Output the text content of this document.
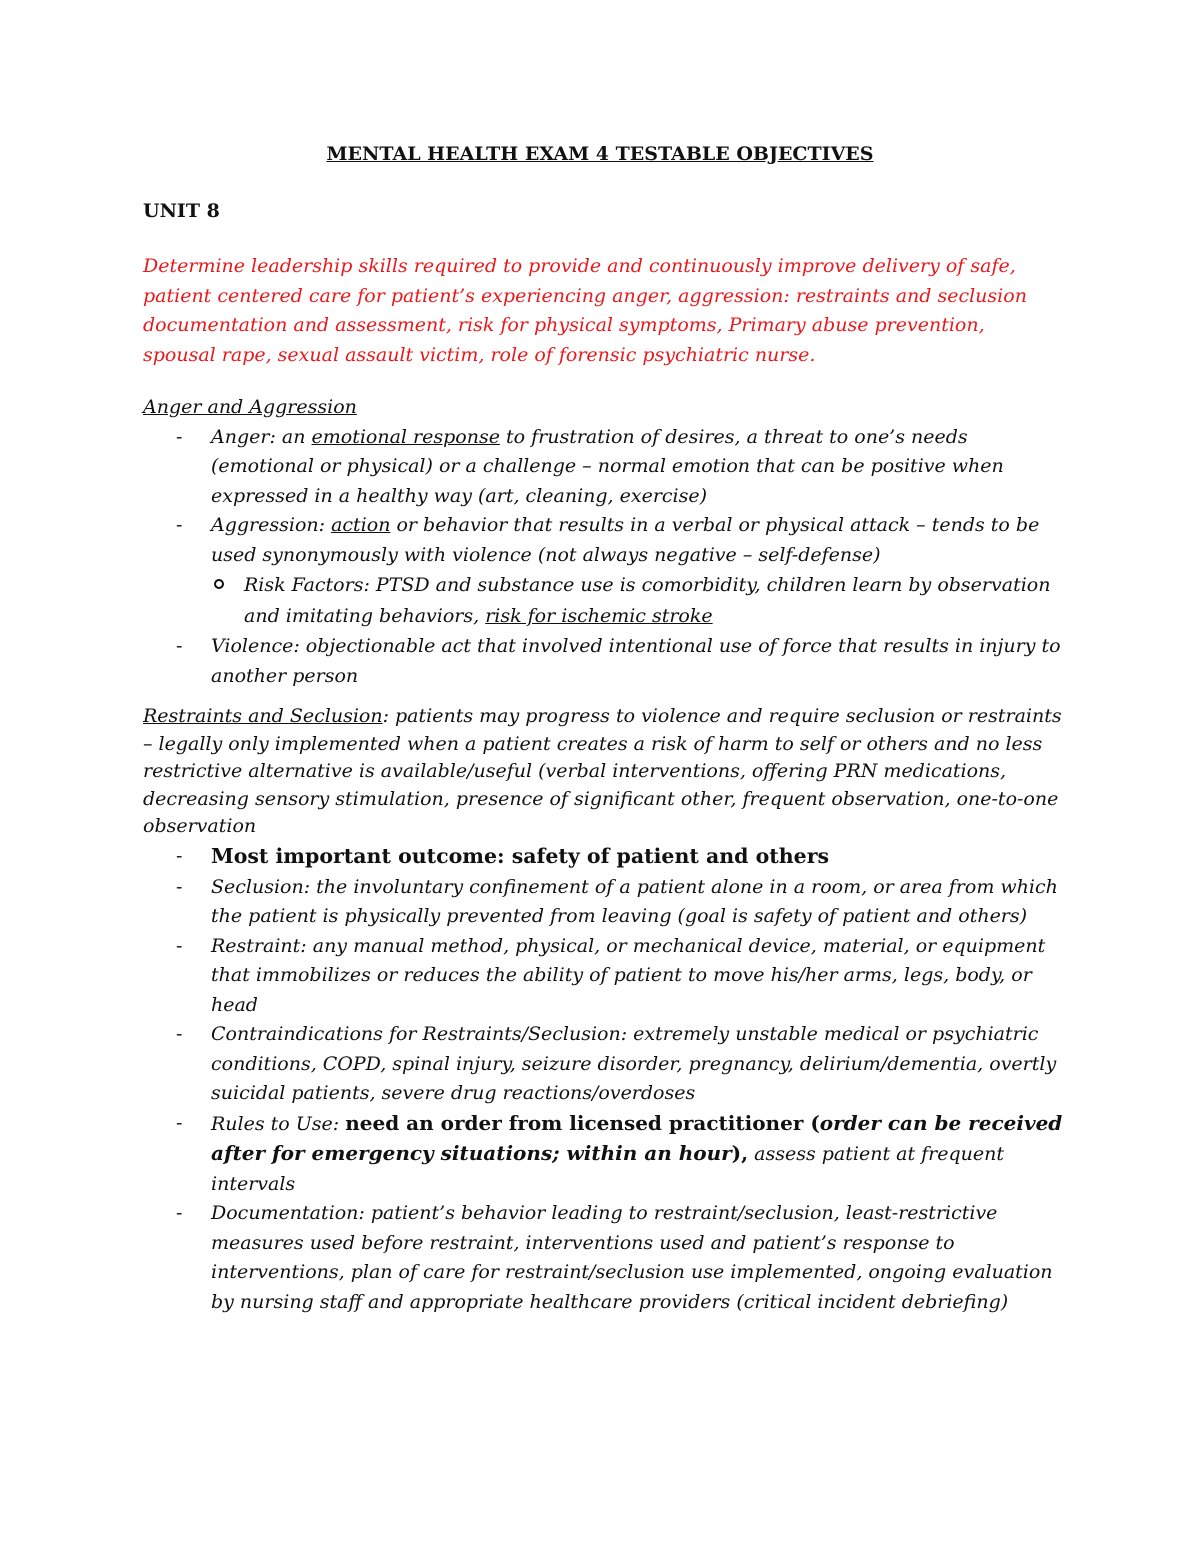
MENTAL HEALTH EXAM 4 TESTABLE OBJECTIVES
UNIT 8
Determine leadership skills required to provide and continuously improve delivery of safe, patient centered care for patient’s experiencing anger, aggression: restraints and seclusion documentation and assessment, risk for physical symptoms, Primary abuse prevention, spousal rape, sexual assault victim, role of forensic psychiatric nurse.
Anger and Aggression
- Anger: an emotional response to frustration of desires, a threat to one’s needs (emotional or physical) or a challenge – normal emotion that can be positive when expressed in a healthy way (art, cleaning, exercise)
- Aggression: action or behavior that results in a verbal or physical attack – tends to be used synonymously with violence (not always negative – self-defense)
Risk Factors: PTSD and substance use is comorbidity, children learn by observation and imitating behaviors, risk for ischemic stroke
- Violence: objectionable act that involved intentional use of force that results in injury to another person
Restraints and Seclusion: patients may progress to violence and require seclusion or restraints – legally only implemented when a patient creates a risk of harm to self or others and no less restrictive alternative is available/useful (verbal interventions, offering PRN medications, decreasing sensory stimulation, presence of significant other, frequent observation, one-to-one observation
- Most important outcome: safety of patient and others
- Seclusion: the involuntary confinement of a patient alone in a room, or area from which the patient is physically prevented from leaving (goal is safety of patient and others)
- Restraint: any manual method, physical, or mechanical device, material, or equipment that immobilizes or reduces the ability of patient to move his/her arms, legs, body, or head
- Contraindications for Restraints/Seclusion: extremely unstable medical or psychiatric conditions, COPD, spinal injury, seizure disorder, pregnancy, delirium/dementia, overtly suicidal patients, severe drug reactions/overdoses
- Rules to Use: need an order from licensed practitioner (order can be received after for emergency situations; within an hour), assess patient at frequent intervals
- Documentation: patient’s behavior leading to restraint/seclusion, least-restrictive measures used before restraint, interventions used and patient’s response to interventions, plan of care for restraint/seclusion use implemented, ongoing evaluation by nursing staff and appropriate healthcare providers (critical incident debriefing)
